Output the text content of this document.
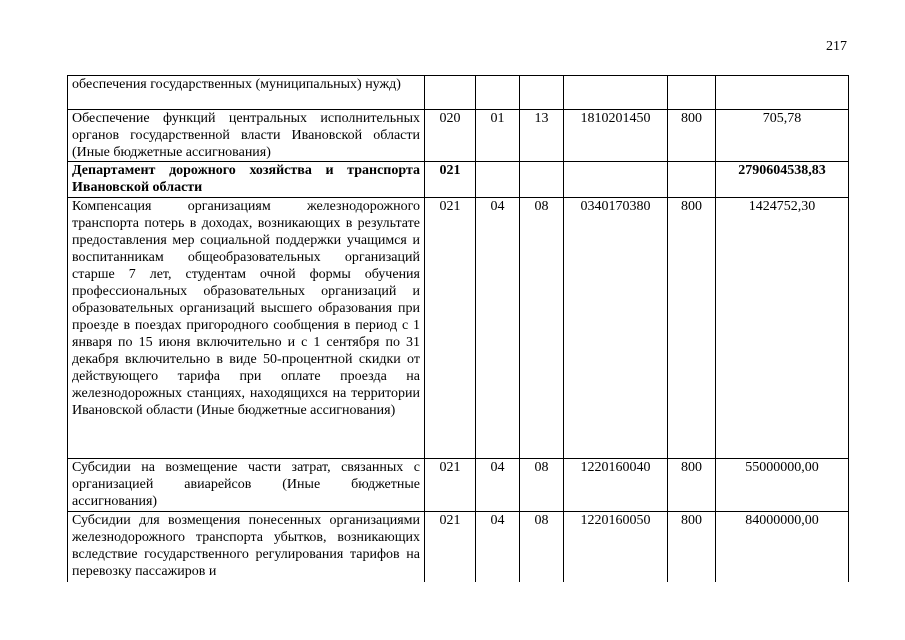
217
обеспечения государственных (муниципальных) нужд)						
Обеспечение функций центральных исполнительных органов государственной власти Ивановской области (Иные бюджетные ассигнования)	020	01	13	1810201450	800	705,78
Департамент дорожного хозяйства и транспорта Ивановской области	021					2790604538,83
Компенсация организациям железнодорожного транспорта потерь в доходах, возникающих в результате предоставления мер социальной поддержки учащимся и воспитанникам общеобразовательных организаций старше 7 лет, студентам очной формы обучения профессиональных образовательных организаций и образовательных организаций высшего образования при проезде в поездах пригородного сообщения в период с 1 января по 15 июня включительно и с 1 сентября по 31 декабря включительно в виде 50-процентной скидки от действующего тарифа при оплате проезда на железнодорожных станциях, находящихся на территории Ивановской области (Иные бюджетные ассигнования)	021	04	08	0340170380	800	1424752,30
Субсидии на возмещение части затрат, связанных с организацией авиарейсов (Иные бюджетные ассигнования)	021	04	08	1220160040	800	55000000,00
Субсидии для возмещения понесенных организациями железнодорожного транспорта убытков, возникающих вследствие государственного регулирования тарифов на перевозку пассажиров и	021	04	08	1220160050	800	84000000,00
